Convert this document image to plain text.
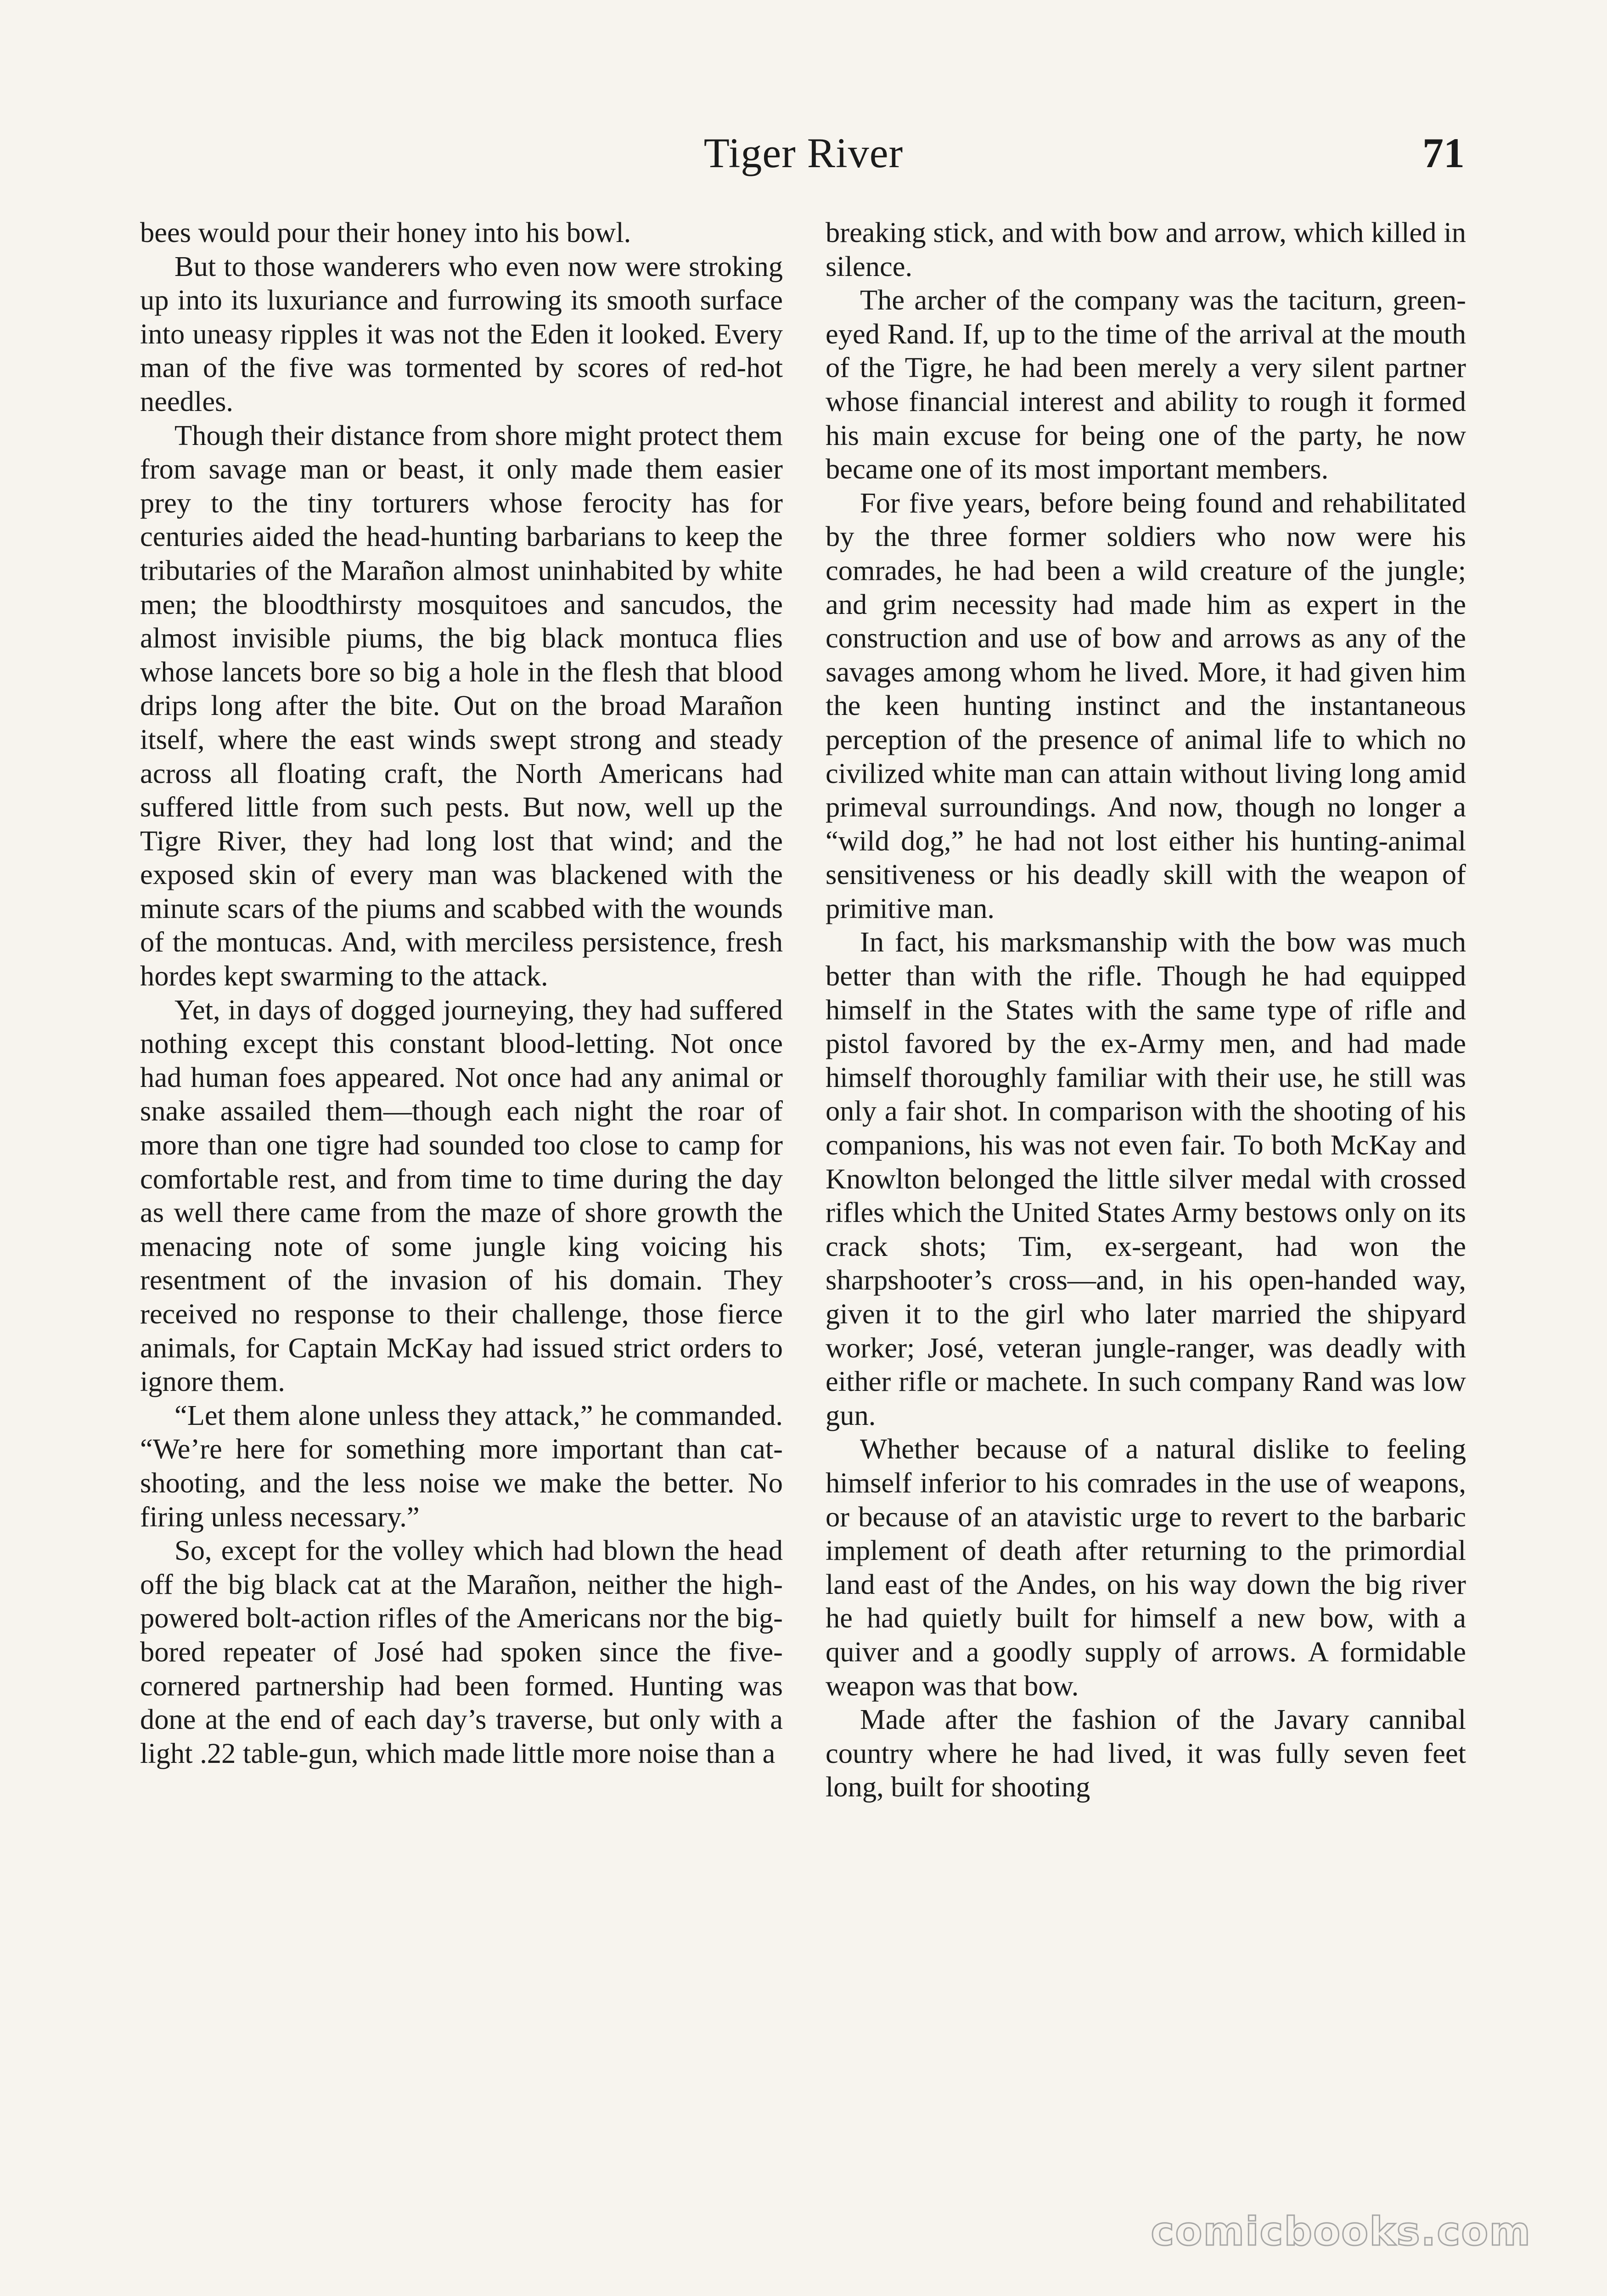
Tiger River	71

bees would pour their honey into his bowl.

But to those wanderers who even now were stroking up into its luxuriance and furrowing its smooth surface into uneasy ripples it was not the Eden it looked. Every man of the five was tormented by scores of red-hot needles.

Though their distance from shore might protect them from savage man or beast, it only made them easier prey to the tiny torturers whose ferocity has for centuries aided the head-hunting barbarians to keep the tributaries of the Marañon almost uninhabited by white men; the bloodthirsty mosquitoes and sancudos, the almost invisible piums, the big black montuca flies whose lancets bore so big a hole in the flesh that blood drips long after the bite. Out on the broad Marañon itself, where the east winds swept strong and steady across all floating craft, the North Americans had suffered little from such pests. But now, well up the Tigre River, they had long lost that wind; and the exposed skin of every man was blackened with the minute scars of the piums and scabbed with the wounds of the montucas. And, with merciless persistence, fresh hordes kept swarming to the attack.

Yet, in days of dogged journeying, they had suffered nothing except this constant blood-letting. Not once had human foes appeared. Not once had any animal or snake assailed them—though each night the roar of more than one tigre had sounded too close to camp for comfortable rest, and from time to time during the day as well there came from the maze of shore growth the menacing note of some jungle king voicing his resentment of the invasion of his domain. They received no response to their challenge, those fierce animals, for Captain McKay had issued strict orders to ignore them.

“Let them alone unless they attack,” he commanded. “We’re here for something more important than cat-shooting, and the less noise we make the better. No firing unless necessary.”

So, except for the volley which had blown the head off the big black cat at the Marañon, neither the high-powered bolt-action rifles of the Americans nor the big-bored repeater of José had spoken since the five-cornered partnership had been formed. Hunting was done at the end of each day’s traverse, but only with a light .22 table-gun, which made little more noise than a

breaking stick, and with bow and arrow, which killed in silence.

The archer of the company was the taciturn, green-eyed Rand. If, up to the time of the arrival at the mouth of the Tigre, he had been merely a very silent partner whose financial interest and ability to rough it formed his main excuse for being one of the party, he now became one of its most important members.

For five years, before being found and rehabilitated by the three former soldiers who now were his comrades, he had been a wild creature of the jungle; and grim necessity had made him as expert in the construction and use of bow and arrows as any of the savages among whom he lived. More, it had given him the keen hunting instinct and the instantaneous perception of the presence of animal life to which no civilized white man can attain without living long amid primeval surroundings. And now, though no longer a “wild dog,” he had not lost either his hunting-animal sensitiveness or his deadly skill with the weapon of primitive man.

In fact, his marksmanship with the bow was much better than with the rifle. Though he had equipped himself in the States with the same type of rifle and pistol favored by the ex-Army men, and had made himself thoroughly familiar with their use, he still was only a fair shot. In comparison with the shooting of his companions, his was not even fair. To both McKay and Knowlton belonged the little silver medal with crossed rifles which the United States Army bestows only on its crack shots; Tim, ex-sergeant, had won the sharpshooter’s cross—and, in his open-handed way, given it to the girl who later married the shipyard worker; José, veteran jungle-ranger, was deadly with either rifle or machete. In such company Rand was low gun.

Whether because of a natural dislike to feeling himself inferior to his comrades in the use of weapons, or because of an atavistic urge to revert to the barbaric implement of death after returning to the primordial land east of the Andes, on his way down the big river he had quietly built for himself a new bow, with a quiver and a goodly supply of arrows. A formidable weapon was that bow.

Made after the fashion of the Javary cannibal country where he had lived, it was fully seven feet long, built for shooting

comicbooks.com
